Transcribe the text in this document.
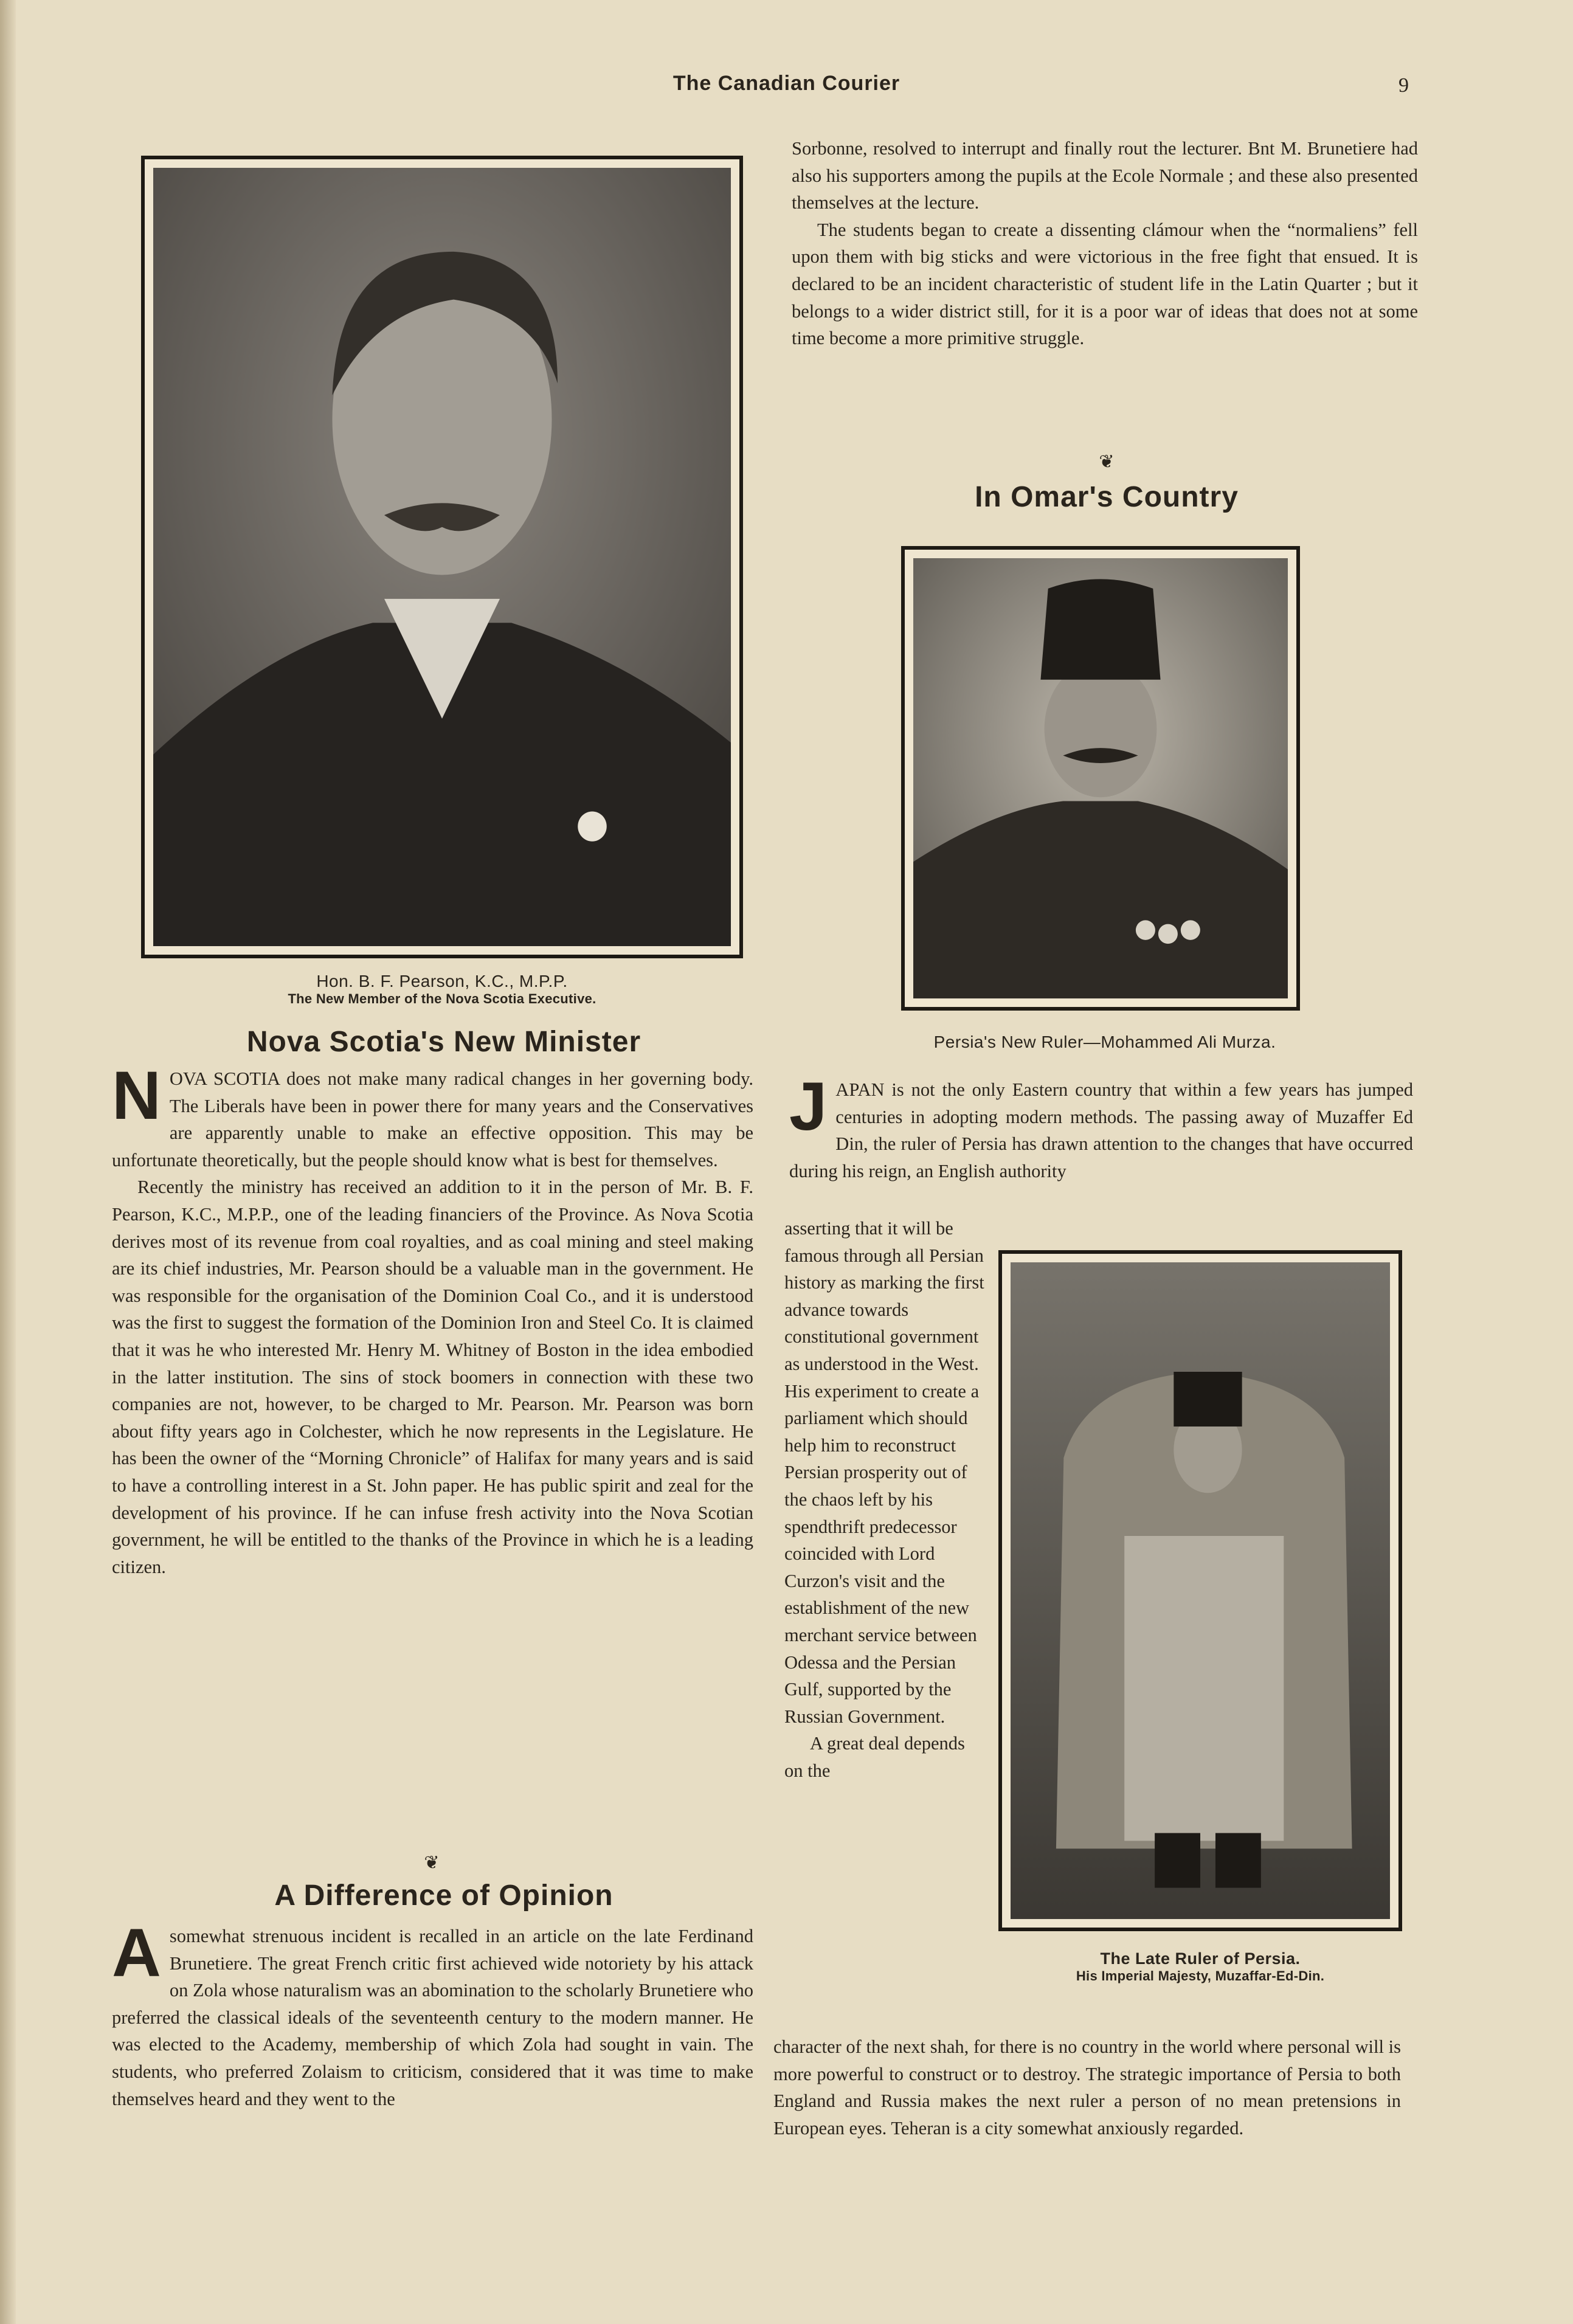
The Canadian Courier	9
Hon. B. F. Pearson, K.C., M.P.P.
The New Member of the Nova Scotia Executive.
Nova Scotia's New Minister

NOVA SCOTIA does not make many radical changes in her governing body. The Liberals have been in power there for many years and the Conservatives are apparently unable to make an effective opposition. This may be unfortunate theoretically, but the people should know what is best for themselves.

Recently the ministry has received an addition to it in the person of Mr. B. F. Pearson, K.C., M.P.P., one of the leading financiers of the Province. As Nova Scotia derives most of its revenue from coal royalties, and as coal mining and steel making are its chief industries, Mr. Pearson should be a valuable man in the government. He was responsible for the organisation of the Dominion Coal Co., and it is understood was the first to suggest the formation of the Dominion Iron and Steel Co. It is claimed that it was he who interested Mr. Henry M. Whitney of Boston in the idea embodied in the latter institution. The sins of stock boomers in connection with these two companies are not, however, to be charged to Mr. Pearson. Mr. Pearson was born about fifty years ago in Colchester, which he now represents in the Legislature. He has been the owner of the “Morning Chronicle” of Halifax for many years and is said to have a controlling interest in a St. John paper. He has public spirit and zeal for the development of his province. If he can infuse fresh activity into the Nova Scotian government, he will be entitled to the thanks of the Province in which he is a leading citizen.

❦
A Difference of Opinion

Asomewhat strenuous incident is recalled in an article on the late Ferdinand Brunetiere. The great French critic first achieved wide notoriety by his attack on Zola whose naturalism was an abomination to the scholarly Brunetiere who preferred the classical ideals of the seventeenth century to the modern manner. He was elected to the Academy, membership of which Zola had sought in vain. The students, who preferred Zolaism to criticism, considered that it was time to make themselves heard and they went to the

Sorbonne, resolved to interrupt and finally rout the lecturer. Bnt M. Brunetiere had also his supporters among the pupils at the Ecole Normale ; and these also presented themselves at the lecture.

The students began to create a dissenting clámour when the “normaliens” fell upon them with big sticks and were victorious in the free fight that ensued. It is declared to be an incident characteristic of student life in the Latin Quarter ; but it belongs to a wider district still, for it is a poor war of ideas that does not at some time become a more primitive struggle.

❦
In Omar's Country
Persia's New Ruler—Mohammed Ali Murza.

JAPAN is not the only Eastern country that within a few years has jumped centuries in adopting modern methods. The passing away of Muzaffer Ed Din, the ruler of Persia has drawn attention to the changes that have occurred during his reign, an English authority

asserting that it will be famous through all Persian history as marking the first advance towards constitutional government as understood in the West. His experiment to create a parliament which should help him to reconstruct Persian prosperity out of the chaos left by his spendthrift predecessor coincided with Lord Curzon's visit and the establishment of the new merchant service between Odessa and the Persian Gulf, supported by the Russian Government.

A great deal depends on the

The Late Ruler of Persia.
His Imperial Majesty, Muzaffar-Ed-Din.

character of the next shah, for there is no country in the world where personal will is more powerful to construct or to destroy. The strategic importance of Persia to both England and Russia makes the next ruler a person of no mean pretensions in European eyes. Teheran is a city somewhat anxiously regarded.
